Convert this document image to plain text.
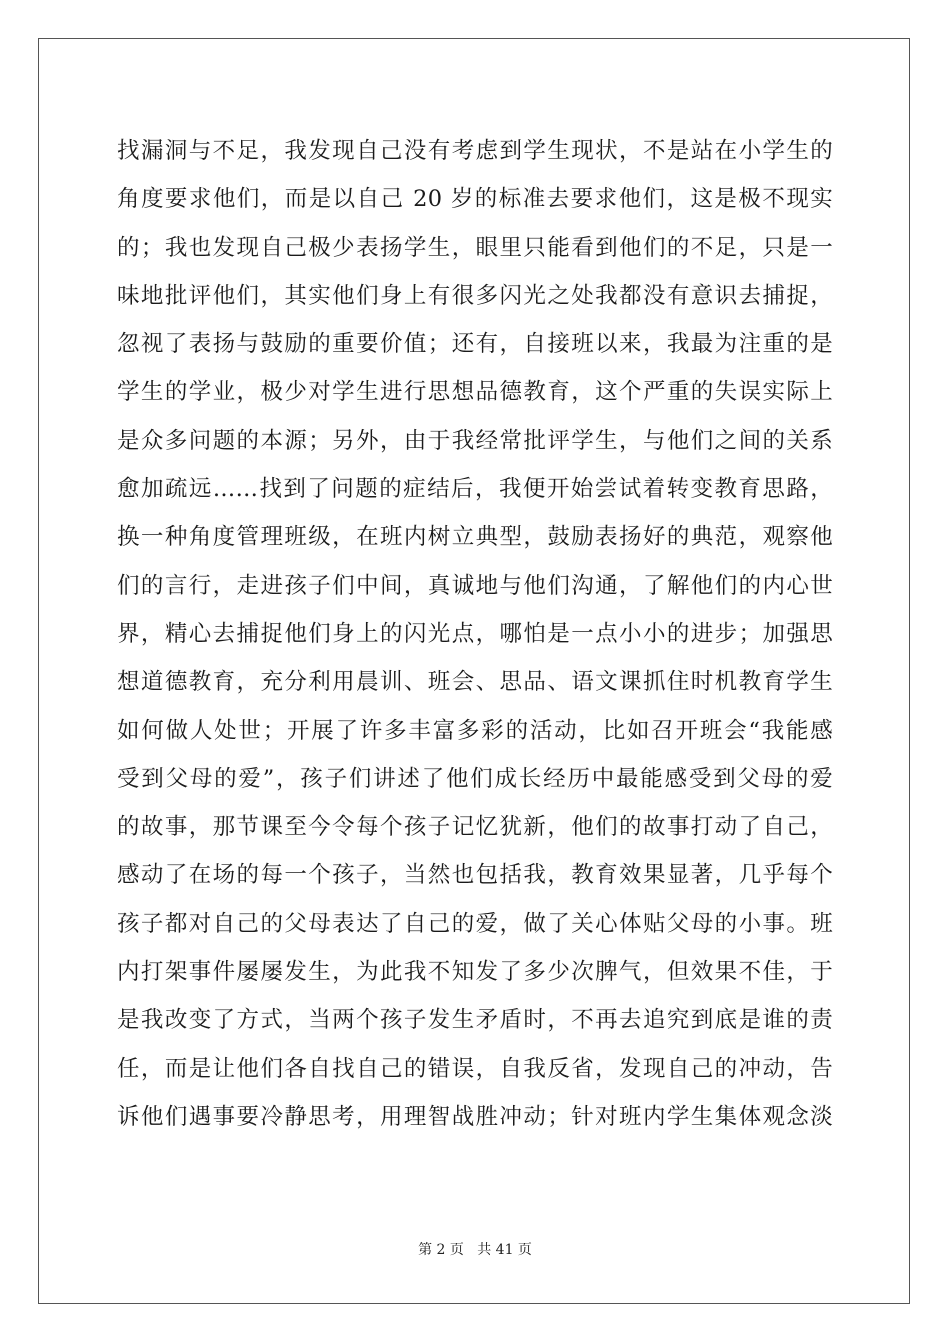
找漏洞与不足，我发现自己没有考虑到学生现状，不是站在小学生的
角度要求他们，而是以自己 20 岁的标准去要求他们，这是极不现实
的；我也发现自己极少表扬学生，眼里只能看到他们的不足，只是一
味地批评他们，其实他们身上有很多闪光之处我都没有意识去捕捉，
忽视了表扬与鼓励的重要价值；还有，自接班以来，我最为注重的是
学生的学业，极少对学生进行思想品德教育，这个严重的失误实际上
是众多问题的本源；另外，由于我经常批评学生，与他们之间的关系
愈加疏远……找到了问题的症结后，我便开始尝试着转变教育思路，
换一种角度管理班级，在班内树立典型，鼓励表扬好的典范，观察他
们的言行，走进孩子们中间，真诚地与他们沟通，了解他们的内心世
界，精心去捕捉他们身上的闪光点，哪怕是一点小小的进步；加强思
想道德教育，充分利用晨训、班会、思品、语文课抓住时机教育学生
如何做人处世；开展了许多丰富多彩的活动，比如召开班会“我能感
受到父母的爱”，孩子们讲述了他们成长经历中最能感受到父母的爱
的故事，那节课至今令每个孩子记忆犹新，他们的故事打动了自己，
感动了在场的每一个孩子，当然也包括我，教育效果显著，几乎每个
孩子都对自己的父母表达了自己的爱，做了关心体贴父母的小事。班
内打架事件屡屡发生，为此我不知发了多少次脾气，但效果不佳，于
是我改变了方式，当两个孩子发生矛盾时，不再去追究到底是谁的责
任，而是让他们各自找自己的错误，自我反省，发现自己的冲动，告
诉他们遇事要冷静思考，用理智战胜冲动；针对班内学生集体观念淡
第 2 页   共 41 页
